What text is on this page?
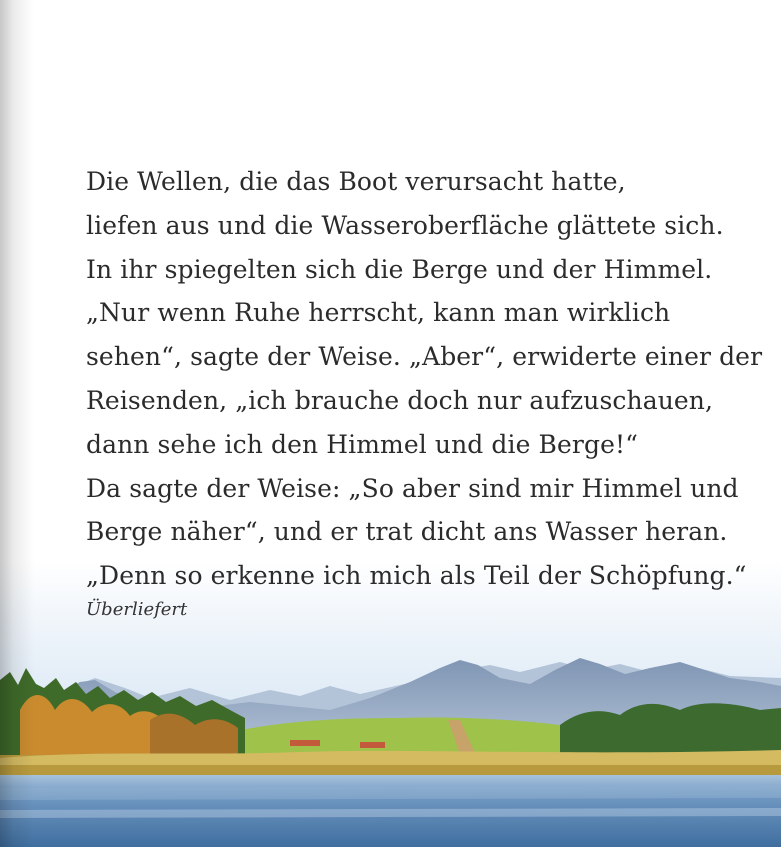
Die Wellen, die das Boot verursacht hatte,
liefen aus und die Wasseroberfläche glättete sich.
In ihr spiegelten sich die Berge und der Himmel.
„Nur wenn Ruhe herrscht, kann man wirklich
sehen“, sagte der Weise. „Aber“, erwiderte einer der
Reisenden, „ich brauche doch nur aufzuschauen,
dann sehe ich den Himmel und die Berge!“
Da sagte der Weise: „So aber sind mir Himmel und
Berge näher“, und er trat dicht ans Wasser heran.
„Denn so erkenne ich mich als Teil der Schöpfung.“
Überliefert
